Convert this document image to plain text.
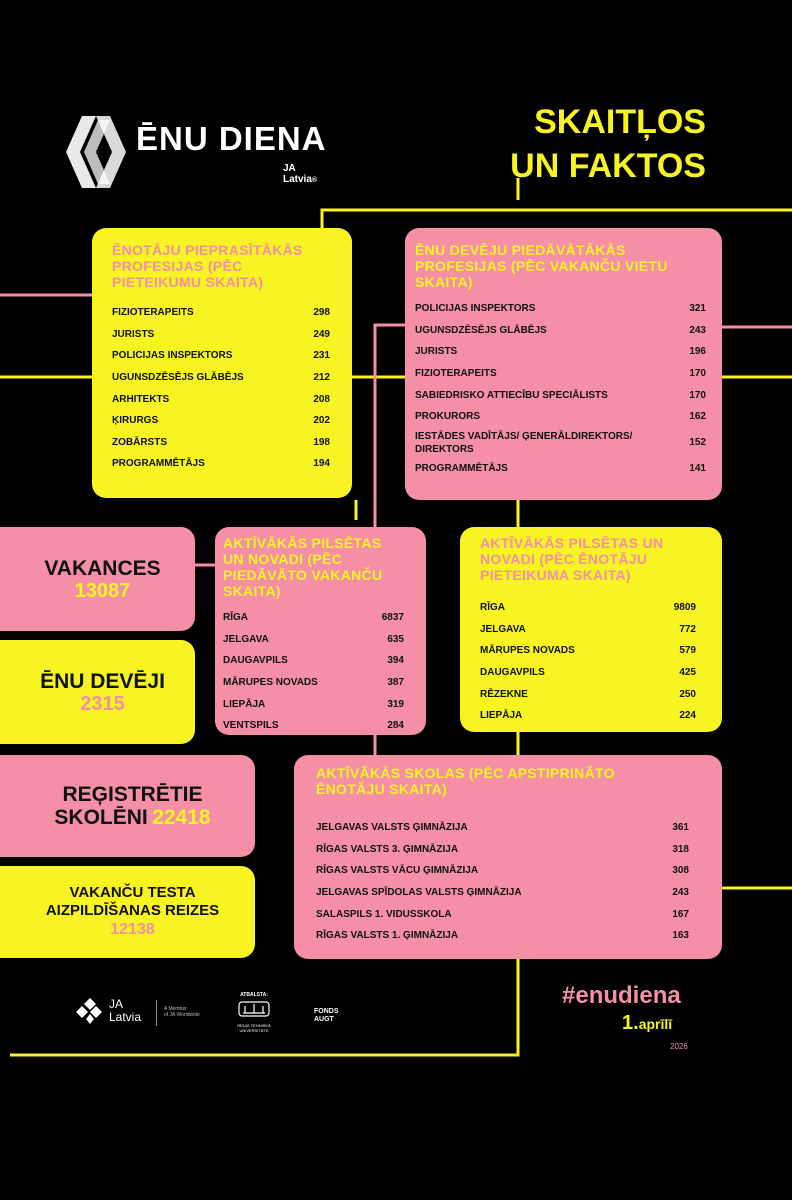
ĒNU DIENA
JA
Latvia®
SKAITĻOS
UN FAKTOS
ĒNOTĀJU PIEPRASĪTĀKĀS PROFESIJAS (PĒC PIETEIKUMU SKAITA)
FIZIOTERAPEITS	298
JURISTS	249
POLICIJAS INSPEKTORS	231
UGUNSDZĒSĒJS GLĀBĒJS	212
ARHITEKTS	208
ĶIRURGS	202
ZOBĀRSTS	198
PROGRAMMĒTĀJS	194
ĒNU DEVĒJU PIEDĀVĀTĀKĀS PROFESIJAS (PĒC VAKANČU VIETU SKAITA)
POLICIJAS INSPEKTORS	321
UGUNSDZĒSĒJS GLĀBĒJS	243
JURISTS	196
FIZIOTERAPEITS	170
SABIEDRISKO ATTIECĪBU SPECIĀLISTS	170
PROKURORS	162
IESTĀDES VADĪTĀJS/ ĢENERĀLDIREKTORS/ DIREKTORS	152
PROGRAMMĒTĀJS	141
VAKANCES
13087
ĒNU DEVĒJI
2315
AKTĪVĀKĀS PILSĒTAS UN NOVADI (PĒC PIEDĀVĀTO VAKANČU SKAITA)
RĪGA	6837
JELGAVA	635
DAUGAVPILS	394
MĀRUPES NOVADS	387
LIEPĀJA	319
VENTSPILS	284
AKTĪVĀKĀS PILSĒTAS UN NOVADI (PĒC ĒNOTĀJU PIETEIKUMA SKAITA)
RĪGA	9809
JELGAVA	772
MĀRUPES NOVADS	579
DAUGAVPILS	425
RĒZEKNE	250
LIEPĀJA	224
REĢISTRĒTIE
SKOLĒNI 22418
VAKANČU TESTA
AIZPILDĪŠANAS REIZES
12138
AKTĪVĀKĀS SKOLAS (PĒC APSTIPRINĀTO ĒNOTĀJU SKAITA)
JELGAVAS VALSTS ĢIMNĀZIJA	361
RĪGAS VALSTS 3. ĢIMNĀZIJA	318
RĪGAS VALSTS VĀCU ĢIMNĀZIJA	308
JELGAVAS SPĪDOLAS VALSTS ĢIMNĀZIJA	243
SALASPILS 1. VIDUSSKOLA	167
RĪGAS VALSTS 1. ĢIMNĀZIJA	163
JA
Latvia
A Member
of JA Worldwide
ATBALSTA:
RĪGAS TEHNISKĀ
UNIVERSITĀTE
FONDS
AUGT
#enudiena
1.aprīlī
2026
